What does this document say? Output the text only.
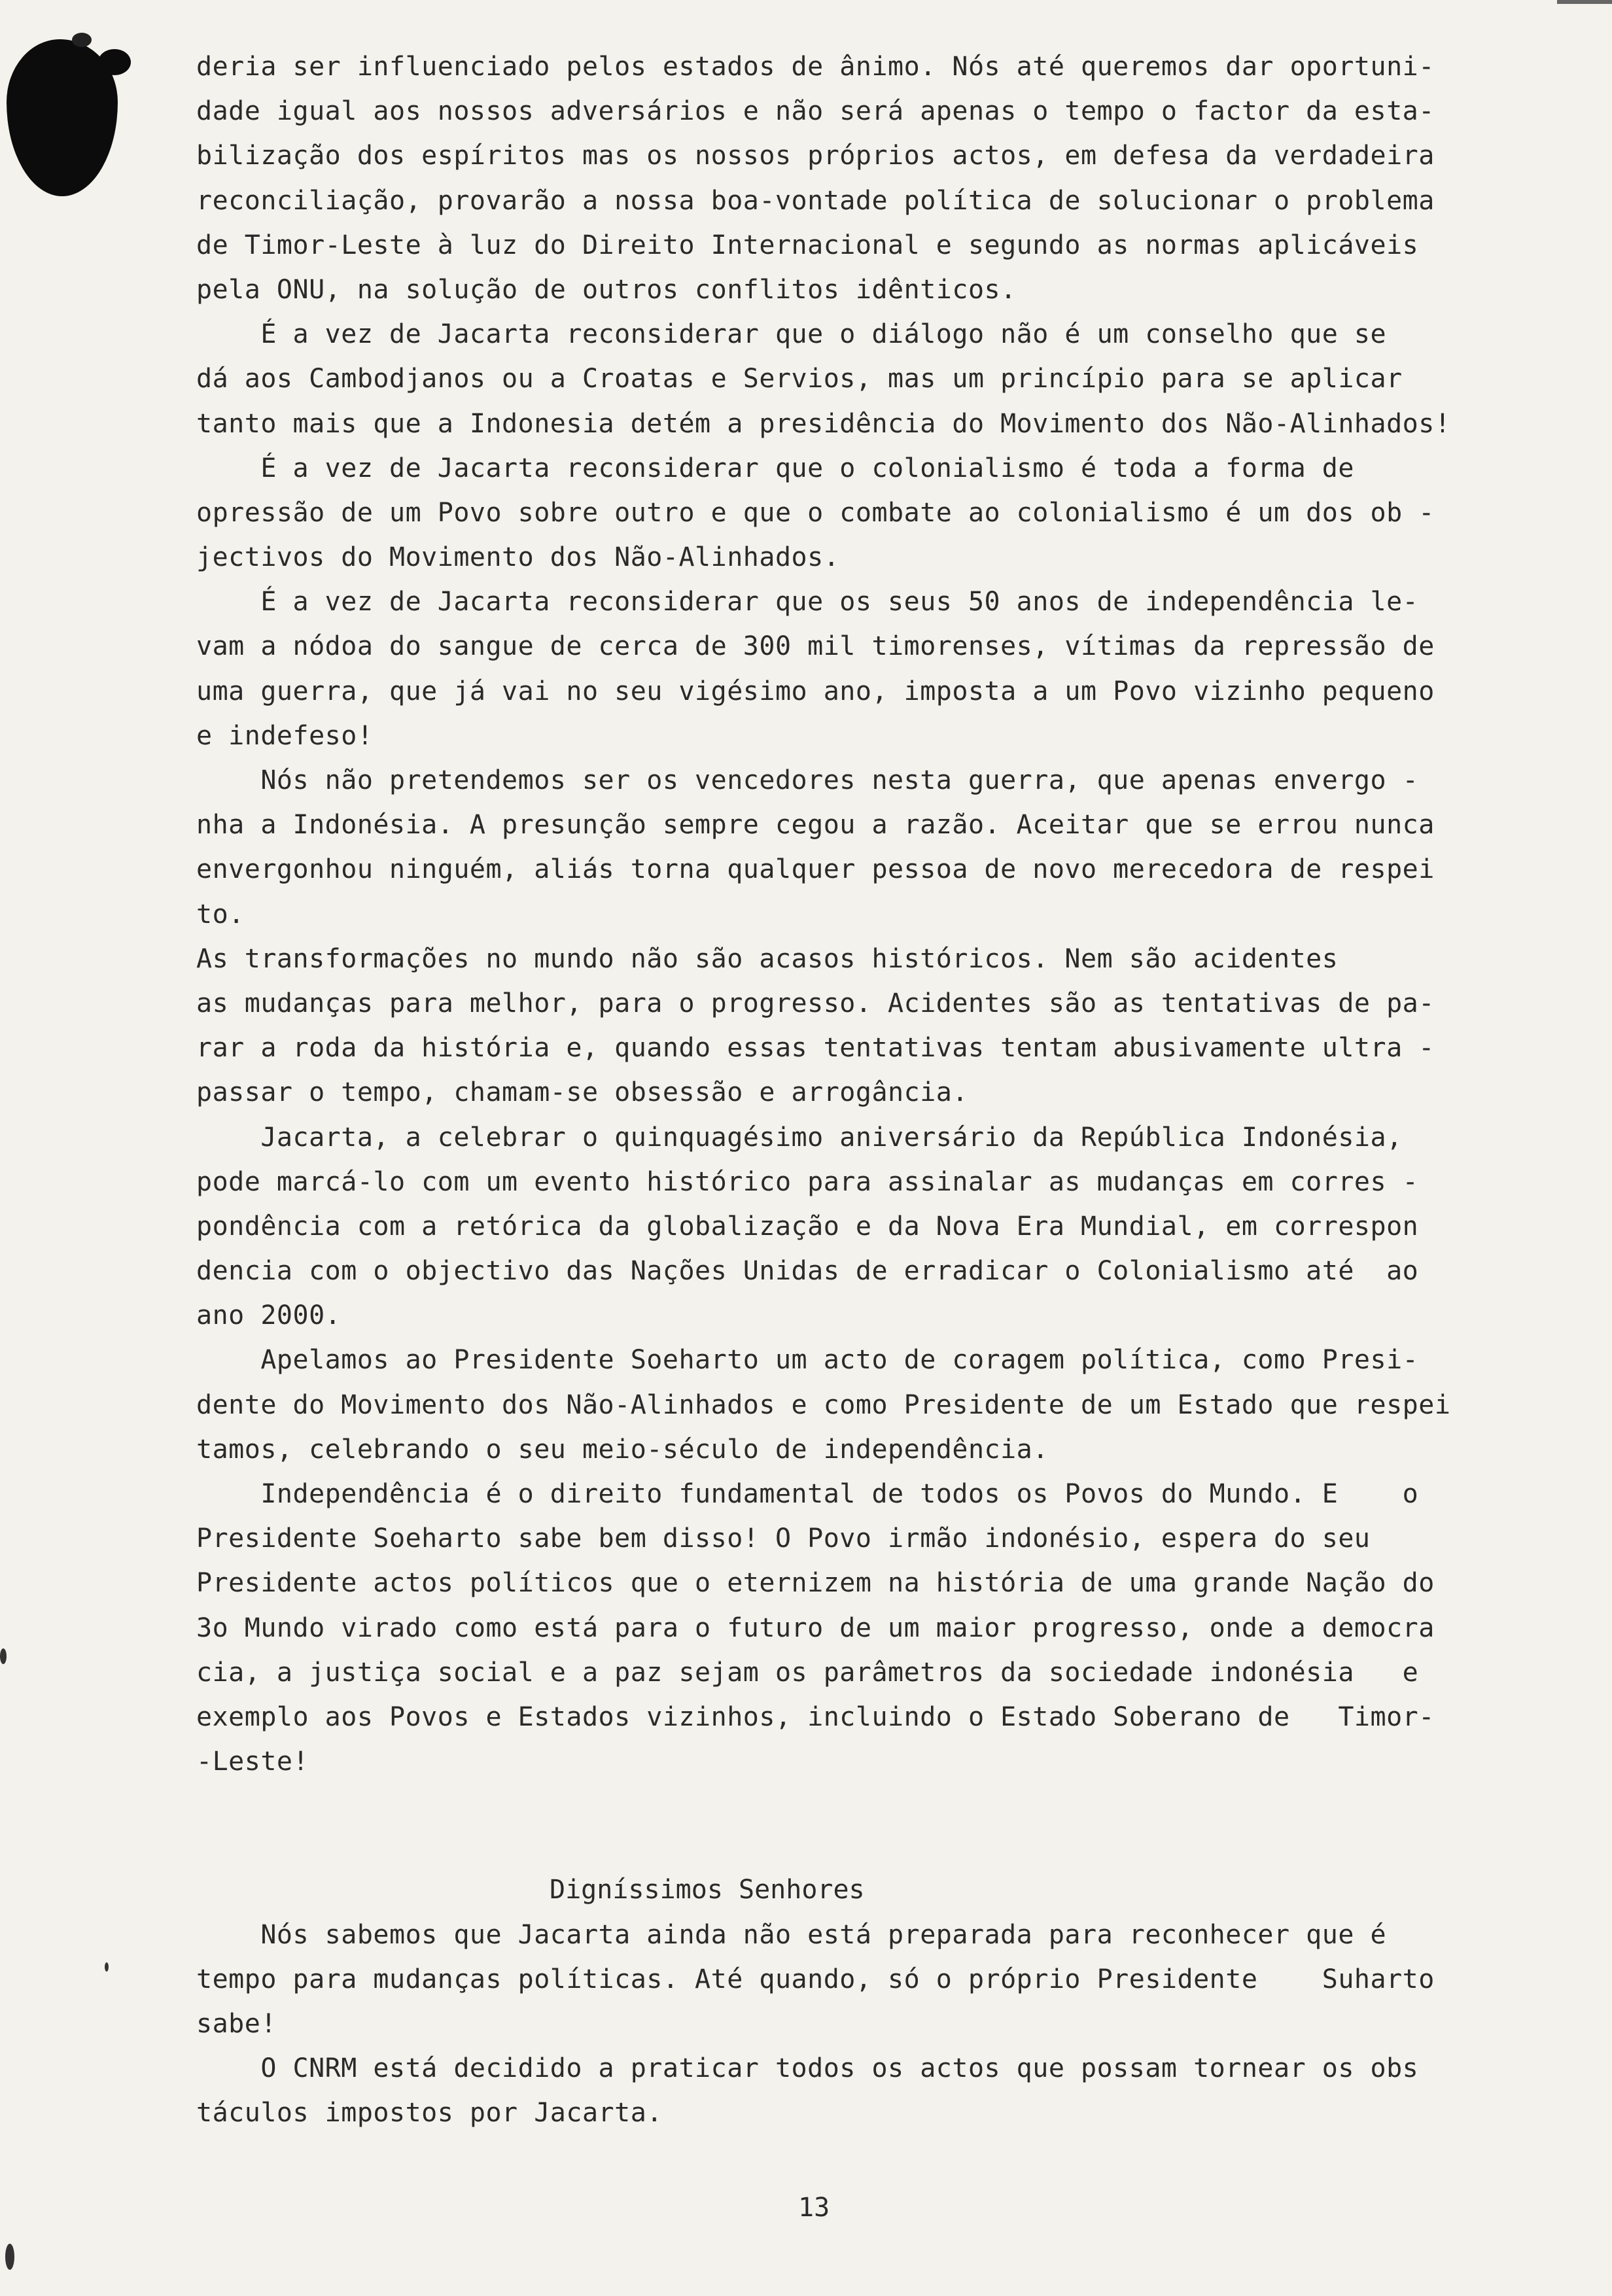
deria ser influenciado pelos estados de ânimo. Nós até queremos dar oportuni-
dade igual aos nossos adversários e não será apenas o tempo o factor da esta-
bilização dos espíritos mas os nossos próprios actos, em defesa da verdadeira
reconciliação, provarão a nossa boa-vontade política de solucionar o problema
de Timor-Leste à luz do Direito Internacional e segundo as normas aplicáveis
pela ONU, na solução de outros conflitos idênticos.
É a vez de Jacarta reconsiderar que o diálogo não é um conselho que se
dá aos Cambodjanos ou a Croatas e Servios, mas um princípio para se aplicar
tanto mais que a Indonesia detém a presidência do Movimento dos Não-Alinhados!
É a vez de Jacarta reconsiderar que o colonialismo é toda a forma de
opressão de um Povo sobre outro e que o combate ao colonialismo é um dos ob -
jectivos do Movimento dos Não-Alinhados.
É a vez de Jacarta reconsiderar que os seus 50 anos de independência le-
vam a nódoa do sangue de cerca de 300 mil timorenses, vítimas da repressão de
uma guerra, que já vai no seu vigésimo ano, imposta a um Povo vizinho pequeno
e indefeso!
Nós não pretendemos ser os vencedores nesta guerra, que apenas envergo -
nha a Indonésia. A presunção sempre cegou a razão. Aceitar que se errou nunca
envergonhou ninguém, aliás torna qualquer pessoa de novo merecedora de respei
to.
As transformações no mundo não são acasos históricos. Nem são acidentes
as mudanças para melhor, para o progresso. Acidentes são as tentativas de pa-
rar a roda da história e, quando essas tentativas tentam abusivamente ultra -
passar o tempo, chamam-se obsessão e arrogância.
Jacarta, a celebrar o quinquagésimo aniversário da República Indonésia,
pode marcá-lo com um evento histórico para assinalar as mudanças em corres -
pondência com a retórica da globalização e da Nova Era Mundial, em correspon
dencia com o objectivo das Nações Unidas de erradicar o Colonialismo até  ao
ano 2000.
Apelamos ao Presidente Soeharto um acto de coragem política, como Presi-
dente do Movimento dos Não-Alinhados e como Presidente de um Estado que respei
tamos, celebrando o seu meio-século de independência.
Independência é o direito fundamental de todos os Povos do Mundo. E    o
Presidente Soeharto sabe bem disso! O Povo irmão indonésio, espera do seu
Presidente actos políticos que o eternizem na história de uma grande Nação do
3o Mundo virado como está para o futuro de um maior progresso, onde a democra
cia, a justiça social e a paz sejam os parâmetros da sociedade indonésia   e
exemplo aos Povos e Estados vizinhos, incluindo o Estado Soberano de   Timor-
-Leste!
Digníssimos Senhores
Nós sabemos que Jacarta ainda não está preparada para reconhecer que é
tempo para mudanças políticas. Até quando, só o próprio Presidente    Suharto
sabe!
O CNRM está decidido a praticar todos os actos que possam tornear os obs
táculos impostos por Jacarta.
13
